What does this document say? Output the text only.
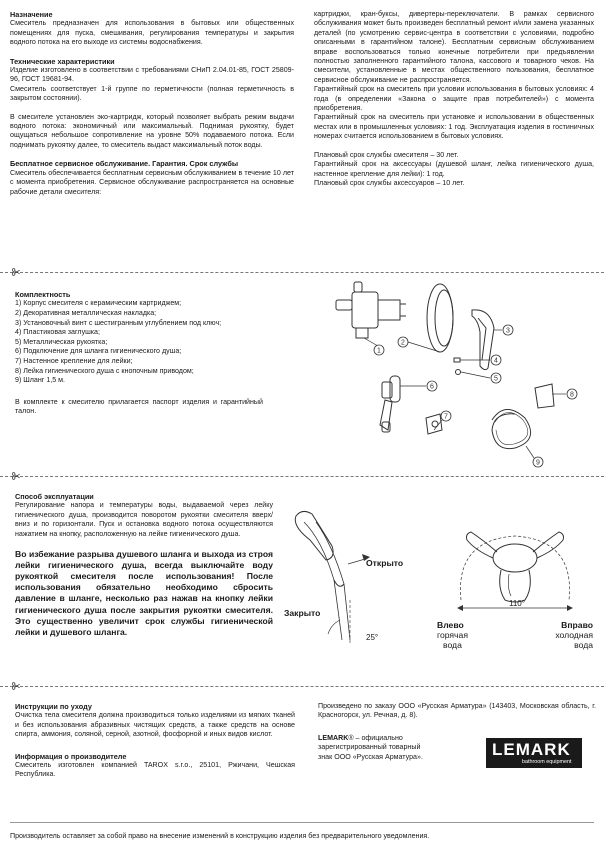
Назначение

Смеситель предназначен для использования в бытовых или общественных помещениях для пуска, смешивания, регулирования температуры и закрытия водного потока на его выходе из системы водоснабжения.

Технические характеристики

Изделие изготовлено в соответствии с требованиями СНиП 2.04.01-85, ГОСТ 25809-96, ГОСТ 19681-94.

Смеситель соответствует 1-й группе по герметичности (полная герметичность в закрытом состоянии).

В смесителе установлен эко-картридж, который позволяет выбрать режим выдачи водного потока: экономичный или максимальный. Поднимая рукоятку, будет ощущаться небольшое сопротивление на уровне 50% подаваемого потока. Если поднимать рукоятку далее, то смеситель выдаст максимальный поток воды.

Бесплатное сервисное обслуживание. Гарантия. Срок службы

Смеситель обеспечивается бесплатным сервисным обслуживанием в течение 10 лет с момента приобретения. Сервисное обслуживание распространяется на основные рабочие детали смесителя:

картриджи, кран-буксы, дивертеры-переключатели. В рамках сервисного обслуживания может быть произведен бесплатный ремонт и/или замена указанных деталей (по усмотрению сервис-центра в соответствии с условиями, подробно описанными в гарантийном талоне). Бесплатным сервисным обслуживанием вправе воспользоваться только конечные потребители при предъявлении полностью заполненного гарантийного талона, кассового и товарного чеков. На смесители, установленные в местах общественного пользования, бесплатное сервисное обслуживание не распространяется.

Гарантийный срок на смеситель при условии использования в бытовых условиях: 4 года (в определении «Закона о защите прав потребителей») с момента приобретения.

Гарантийный срок на смеситель при установке и использовании в общественных местах или в промышленных условиях: 1 год. Эксплуатация изделия в гостиничных номерах считается использованием в бытовых условиях.

Плановый срок службы смесителя – 30 лет.

Гарантийный срок на аксессуары (душевой шланг, лейка гигиенического душа, настенное крепление для лейки): 1 год.

Плановый срок службы аксессуаров – 10 лет.

Комплектность

1) Корпус смесителя с керамическим картриджем;
2) Декоративная металлическая накладка;
3) Установочный винт с шестигранным углублением под ключ;
4) Пластиковая заглушка;
5) Металлическая рукоятка;
6) Подключение для шланга гигиенического душа;
7) Настенное крепление для лейки;
8) Лейка гигиенического душа с кнопочным приводом;
9) Шланг 1,5 м.

В комплекте к смесителю прилагается паспорт изделия и гарантийный талон.

1
2
3
4
5
6
7
8
9

Способ эксплуатации

Регулирование напора и температуры воды, выдаваемой через лейку гигиенического душа, производится поворотом рукоятки смесителя вверх/вниз и по горизонтали. Пуск и остановка водного потока осуществляются нажатием на кнопку, расположенную на лейке гигиенического душа.

Во избежание разрыва душевого шланга и выхода из строя лейки гигиенического душа, всегда выключайте воду рукояткой смесителя после использования! После использования обязательно необходимо сбросить давление в шланге, несколько раз нажав на кнопку лейки гигиенического душа после закрытия рукоятки смесителя. Это существенно увеличит срок службы гигиенической лейки и душевого шланга.

Открыто
Закрыто
25°
110°
Влево
горячая
вода
Вправо
холодная
вода

Инструкции по уходу

Очистка тела смесителя должна производиться только изделиями из мягких тканей и без использования абразивных чистящих средств, а также средств на основе спирта, аммония, соляной, серной, азотной, фосфорной и иных видов кислот.

Информация о производителе

Смеситель изготовлен компанией TAROX s.r.o., 25101, Ржичани, Чешская Республика.

Произведено по заказу ООО «Русская Арматура» (143403, Московская область, г. Красногорск, ул. Речная, д. 8).

LEMARK® – официально
зарегистрированный товарный
знак ООО «Русская Арматура».	LEMARK
bathroom equipment
Производитель оставляет за собой право на внесение изменений в конструкцию изделия без предварительного уведомления.
